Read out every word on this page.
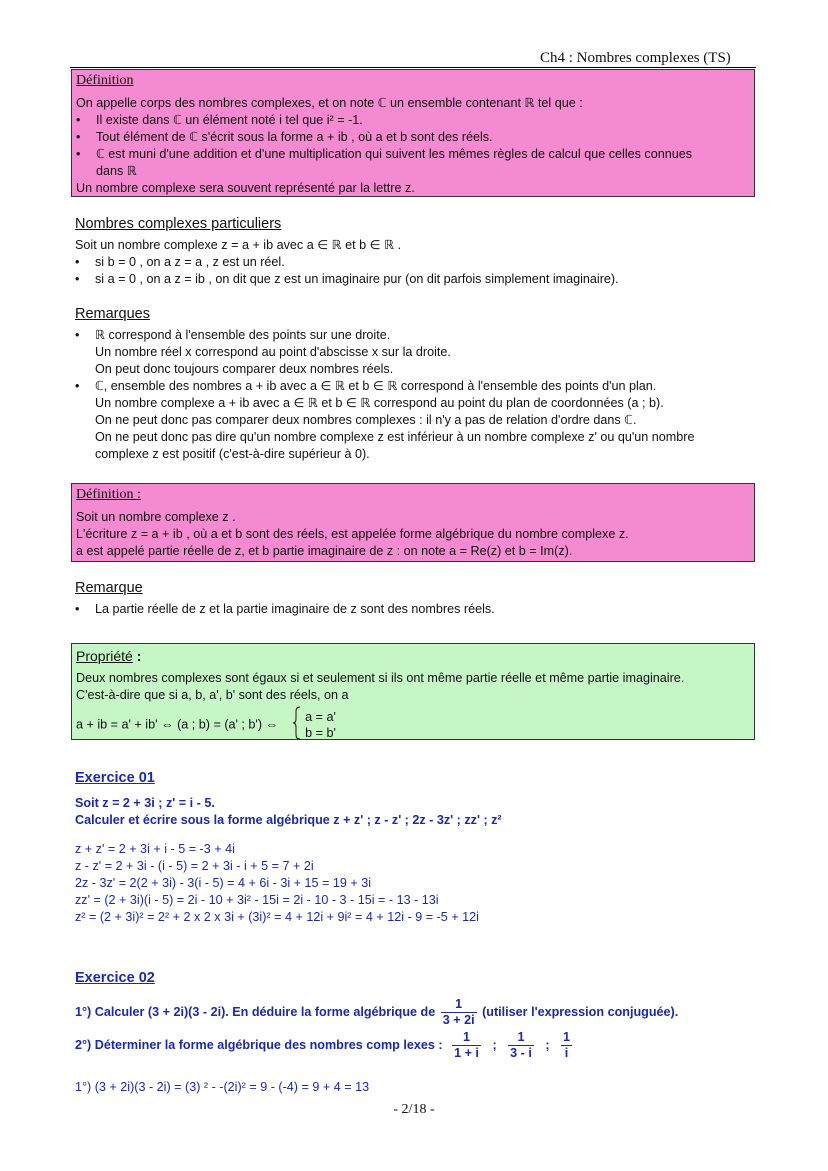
Ch4 : Nombres complexes (TS)

Définition

On appelle corps des nombres complexes, et on note ℂ un ensemble contenant ℝ tel que :

• Il existe dans ℂ un élément noté i tel que i² = -1.
• Tout élément de ℂ s'écrit sous la forme a + ib , où a et b sont des réels.
• ℂ est muni d'une addition et d'une multiplication qui suivent les mêmes règles de calcul que celles connues dans ℝ

Un nombre complexe sera souvent représenté par la lettre z.

Nombres complexes particuliers

Soit un nombre complexe z = a + ib avec a ∈ ℝ et b ∈ ℝ .

• si b = 0 , on a z = a , z est un réel.
• si a = 0 , on a z = ib , on dit que z est un imaginaire pur (on dit parfois simplement imaginaire).

Remarques

• ℝ correspond à l'ensemble des points sur une droite.
Un nombre réel x correspond au point d'abscisse x sur la droite.
On peut donc toujours comparer deux nombres réels.
• ℂ, ensemble des nombres a + ib avec a ∈ ℝ et b ∈ ℝ correspond à l'ensemble des points d'un plan.
Un nombre complexe a + ib avec a ∈ ℝ et b ∈ ℝ correspond au point du plan de coordonnées (a ; b).
On ne peut donc pas comparer deux nombres complexes : il n'y a pas de relation d'ordre dans ℂ.
On ne peut donc pas dire qu'un nombre complexe z est inférieur à un nombre complexe z' ou qu'un nombre complexe z est positif (c'est-à-dire supérieur à 0).

Définition :

Soit un nombre complexe z .

L'écriture z = a + ib , où a et b sont des réels, est appelée forme algébrique du nombre complexe z.

a est appelé partie réelle de z, et b partie imaginaire de z : on note a = Re(z) et b = Im(z).

Remarque

• La partie réelle de z et la partie imaginaire de z sont des nombres réels.

Propriété :

Deux nombres complexes sont égaux si et seulement si ils ont même partie réelle et même partie imaginaire.

C'est-à-dire que si a, b, a', b' sont des réels, on a

a + ib = a' + ib' ⇔ (a ; b) = (a' ; b') ⇔  a = a'
b = b'

Exercice 01

Soit z = 2 + 3i ; z' = i - 5.

Calculer et écrire sous la forme algébrique z + z' ; z - z' ; 2z - 3z' ; zz' ; z²

z + z' = 2 + 3i + i - 5 = -3 + 4i

z - z' = 2 + 3i - (i - 5) = 2 + 3i - i + 5 = 7 + 2i

2z - 3z' = 2(2 + 3i) - 3(i - 5) = 4 + 6i - 3i + 15 = 19 + 3i

zz' = (2 + 3i)(i - 5) = 2i - 10 + 3i² - 15i = 2i - 10 - 3 - 15i = - 13 - 13i

z² = (2 + 3i)² = 2² + 2 x 2 x 3i + (3i)² = 4 + 12i + 9i² = 4 + 12i - 9 = -5 + 12i

Exercice 02

1°) Calculer (3 + 2i)(3 - 2i). En déduire la forme algébrique de $\frac{1}{3 + 2i}$ (utiliser l'expression conjuguée).
2°) Déterminer la forme algébrique des nombres comp lexes : $\frac{1}{1 + i}$ ; $\frac{1}{3 - i}$ ; $\frac{1}{i}$

1°) (3 + 2i)(3 - 2i) = (3) ² - -(2i)² = 9 - (-4) = 9 + 4 = 13

- 2/18 -
